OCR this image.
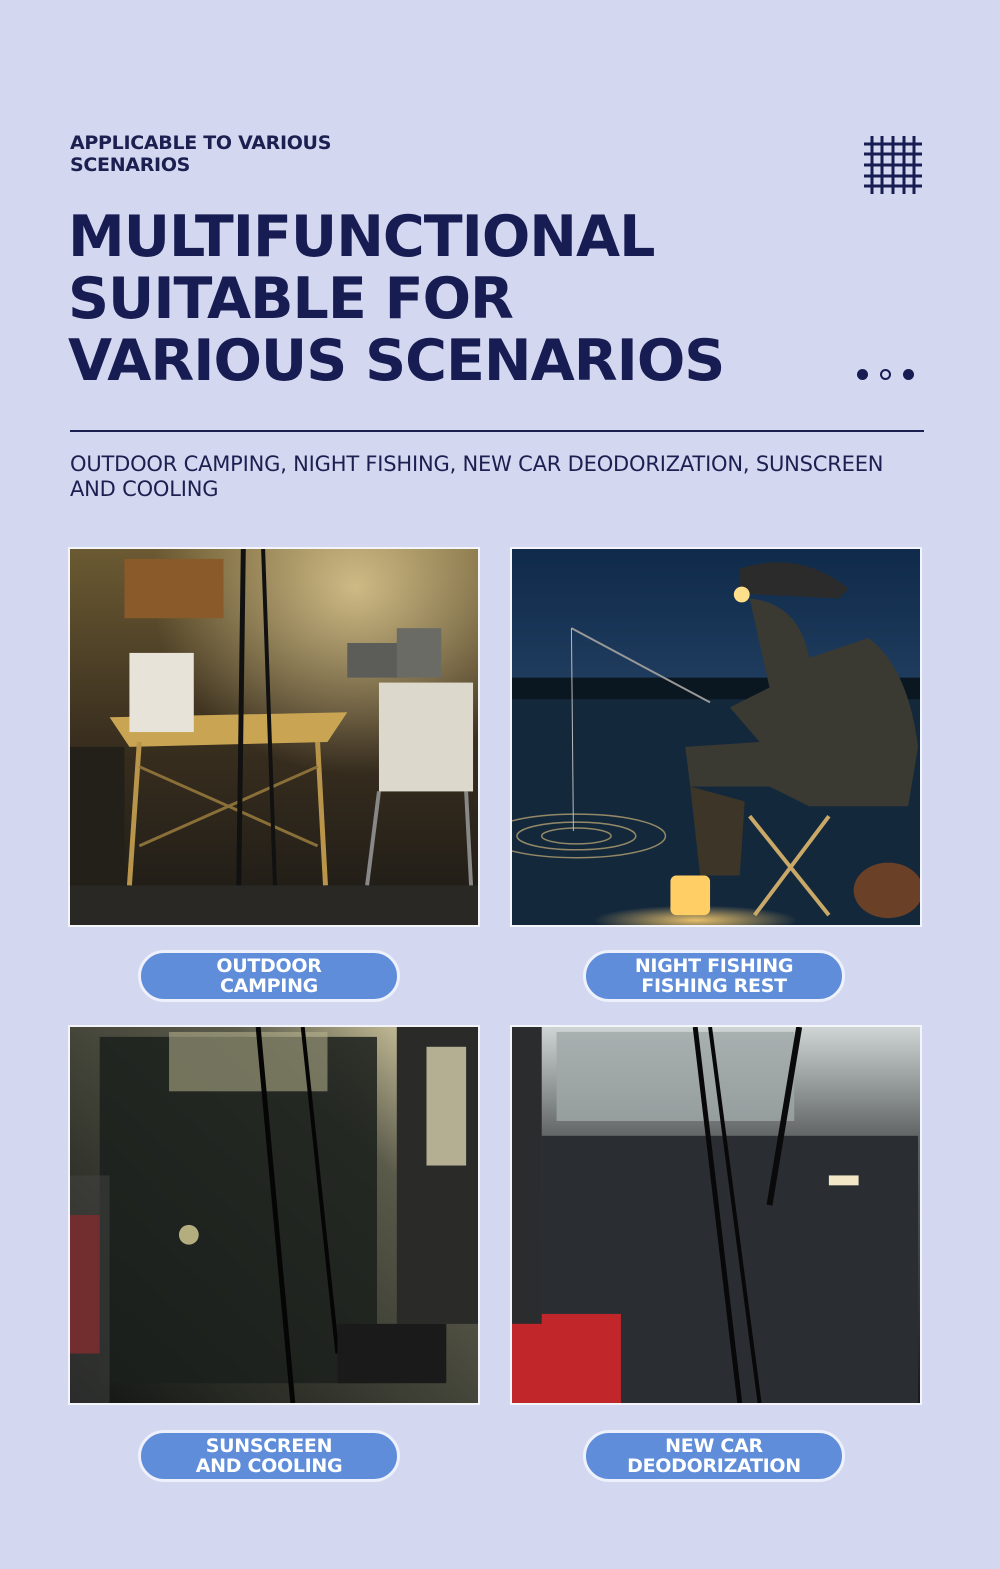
APPLICABLE TO VARIOUS SCENARIOS
MULTIFUNCTIONAL
SUITABLE FOR
VARIOUS SCENARIOS
OUTDOOR CAMPING, NIGHT FISHING, NEW CAR DEODORIZATION, SUNSCREEN AND COOLING
OUTDOOR
CAMPING
NIGHT FISHING
FISHING REST
SUNSCREEN
AND COOLING
NEW CAR
DEODORIZATION
